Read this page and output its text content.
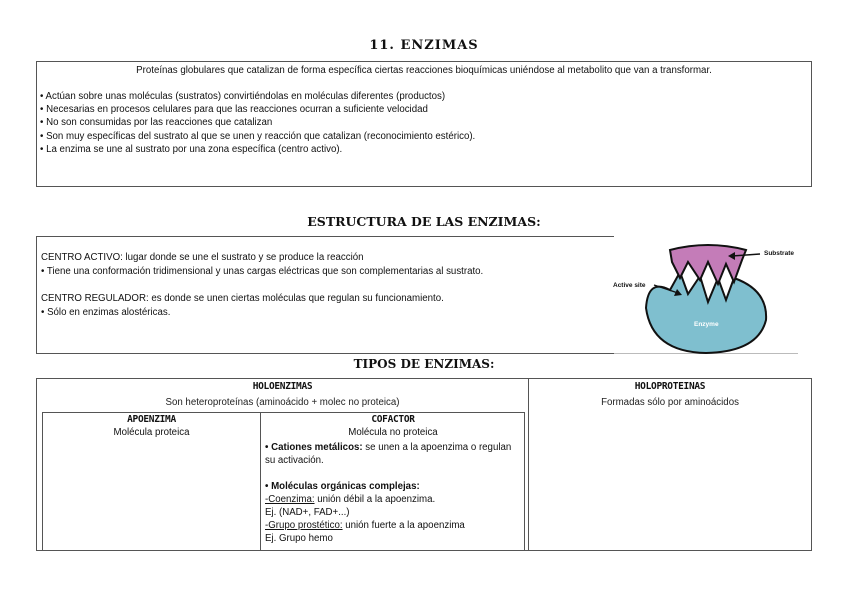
11. ENZIMAS
Proteínas globulares que catalizan de forma específica ciertas reacciones bioquímicas uniéndose al metabolito que van a transformar.
• Actúan sobre unas moléculas (sustratos) convirtiéndolas en moléculas diferentes (productos)
• Necesarias en procesos celulares para que las reacciones ocurran a suficiente velocidad
• No son consumidas por las reacciones que catalizan
• Son muy específicas del sustrato al que se unen y reacción que catalizan (reconocimiento estérico).
• La enzima se une al sustrato por una zona específica (centro activo).
ESTRUCTURA DE LAS ENZIMAS:
CENTRO ACTIVO: lugar donde se une el sustrato y se produce la reacción
• Tiene una conformación tridimensional y unas cargas eléctricas que son complementarias al sustrato.
CENTRO REGULADOR: es donde se unen ciertas moléculas que regulan su funcionamiento.
• Sólo en enzimas alostéricas.
Substrate
Active site
Enzyme
TIPOS DE ENZIMAS:
HOLOENZIMAS
Son heteroproteínas (aminoácido + molec no proteica)
HOLOPROTEINAS
Formadas sólo por aminoácidos
APOENZIMA
Molécula proteica
COFACTOR
Molécula no proteica
• Cationes metálicos: se unen a la apoenzima o regulan su activación.
• Moléculas orgánicas complejas:
-Coenzima: unión débil a la apoenzima.
Ej. (NAD+, FAD+...)
-Grupo prostético: unión fuerte a la apoenzima
Ej. Grupo hemo
